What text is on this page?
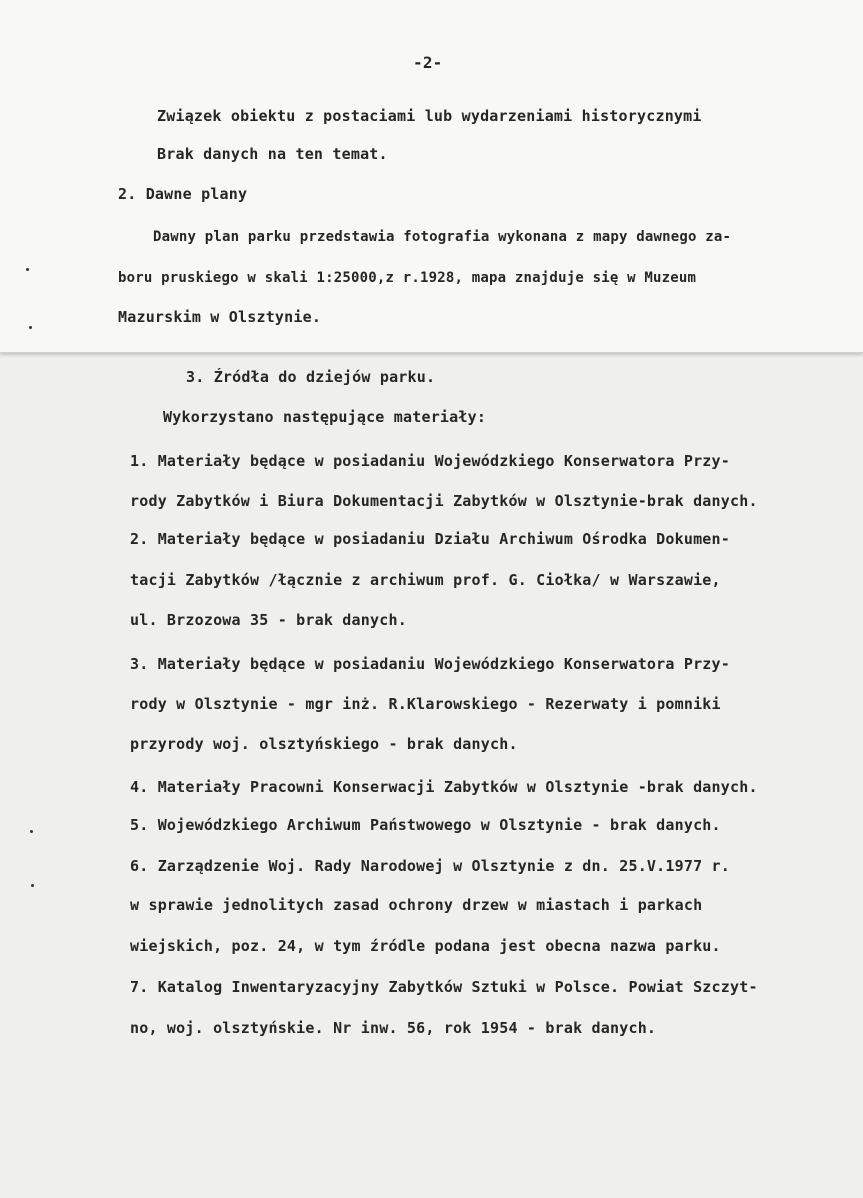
-2-
Związek obiektu z postaciami lub wydarzeniami historycznymi
Brak danych na ten temat.
2. Dawne plany
Dawny plan parku przedstawia fotografia wykonana z mapy dawnego za-
boru pruskiego w skali 1:25000,z r.1928, mapa znajduje się w Muzeum
Mazurskim w Olsztynie.
3. Źródła do dziejów parku.
Wykorzystano następujące materiały:
1. Materiały będące w posiadaniu Wojewódzkiego Konserwatora Przy-
rody Zabytków i Biura Dokumentacji Zabytków w Olsztynie-brak danych.
2. Materiały będące w posiadaniu Działu Archiwum Ośrodka Dokumen-
tacji Zabytków /łącznie z archiwum prof. G. Ciołka/ w Warszawie,
ul. Brzozowa 35 - brak danych.
3. Materiały będące w posiadaniu Wojewódzkiego Konserwatora Przy-
rody w Olsztynie - mgr inż. R.Klarowskiego - Rezerwaty i pomniki
przyrody woj. olsztyńskiego - brak danych.
4. Materiały Pracowni Konserwacji Zabytków w Olsztynie -brak danych.
5. Wojewódzkiego Archiwum Państwowego w Olsztynie - brak danych.
6. Zarządzenie Woj. Rady Narodowej w Olsztynie z dn. 25.V.1977 r.
w sprawie jednolitych zasad ochrony drzew w miastach i parkach
wiejskich, poz. 24, w tym źródle podana jest obecna nazwa parku.
7. Katalog Inwentaryzacyjny Zabytków Sztuki w Polsce. Powiat Szczyt-
no, woj. olsztyńskie. Nr inw. 56, rok 1954 - brak danych.
